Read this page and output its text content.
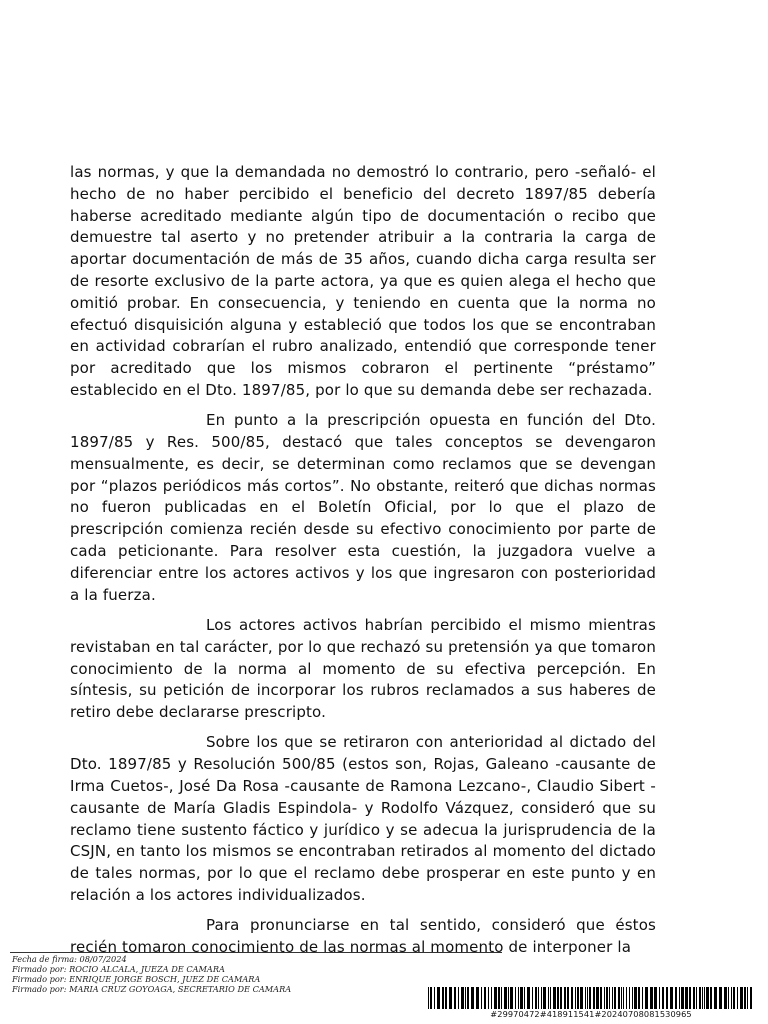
las normas, y que la demandada no demostró lo contrario, pero -señaló- el hecho de no haber percibido el beneficio del decreto 1897/85 debería haberse acreditado mediante algún tipo de documentación o recibo que demuestre tal aserto y no pretender atribuir a la contraria la carga de aportar documentación de más de 35 años, cuando dicha carga resulta ser de resorte exclusivo de la parte actora, ya que es quien alega el hecho que omitió probar. En consecuencia, y teniendo en cuenta que la norma no efectuó disquisición alguna y estableció que todos los que se encontraban en actividad cobrarían el rubro analizado, entendió que corresponde tener por acreditado que los mismos cobraron el pertinente “préstamo” establecido en el Dto. 1897/85, por lo que su demanda debe ser rechazada.

En punto a la prescripción opuesta en función del Dto. 1897/85 y Res. 500/85, destacó que tales conceptos se devengaron mensualmente, es decir, se determinan como reclamos que se devengan por “plazos periódicos más cortos”. No obstante, reiteró que dichas normas no fueron publicadas en el Boletín Oficial, por lo que el plazo de prescripción comienza recién desde su efectivo conocimiento por parte de cada peticionante. Para resolver esta cuestión, la juzgadora vuelve a diferenciar entre los actores activos y los que ingresaron con posterioridad a la fuerza.

Los actores activos habrían percibido el mismo mientras revistaban en tal carácter, por lo que rechazó su pretensión ya que tomaron conocimiento de la norma al momento de su efectiva percepción. En síntesis, su petición de incorporar los rubros reclamados a sus haberes de retiro debe declararse prescripto.

Sobre los que se retiraron con anterioridad al dictado del Dto. 1897/85 y Resolución 500/85 (estos son, Rojas, Galeano -causante de Irma Cuetos-, José Da Rosa -causante de Ramona Lezcano-, Claudio Sibert -causante de María Gladis Espindola- y Rodolfo Vázquez, consideró que su reclamo tiene sustento fáctico y jurídico y se adecua la jurisprudencia de la CSJN, en tanto los mismos se encontraban retirados al momento del dictado de tales normas, por lo que el reclamo debe prosperar en este punto y en relación a los actores individualizados.

Para pronunciarse en tal sentido, consideró que éstos recién tomaron conocimiento de las normas al momento de interponer la

Fecha de firma: 08/07/2024
Firmado por: ROCIO ALCALA, JUEZA DE CAMARA
Firmado por: ENRIQUE JORGE BOSCH, JUEZ DE CAMARA
Firmado por: MARIA CRUZ GOYOAGA, SECRETARIO DE CAMARA
#29970472#418911541#20240708081530965
